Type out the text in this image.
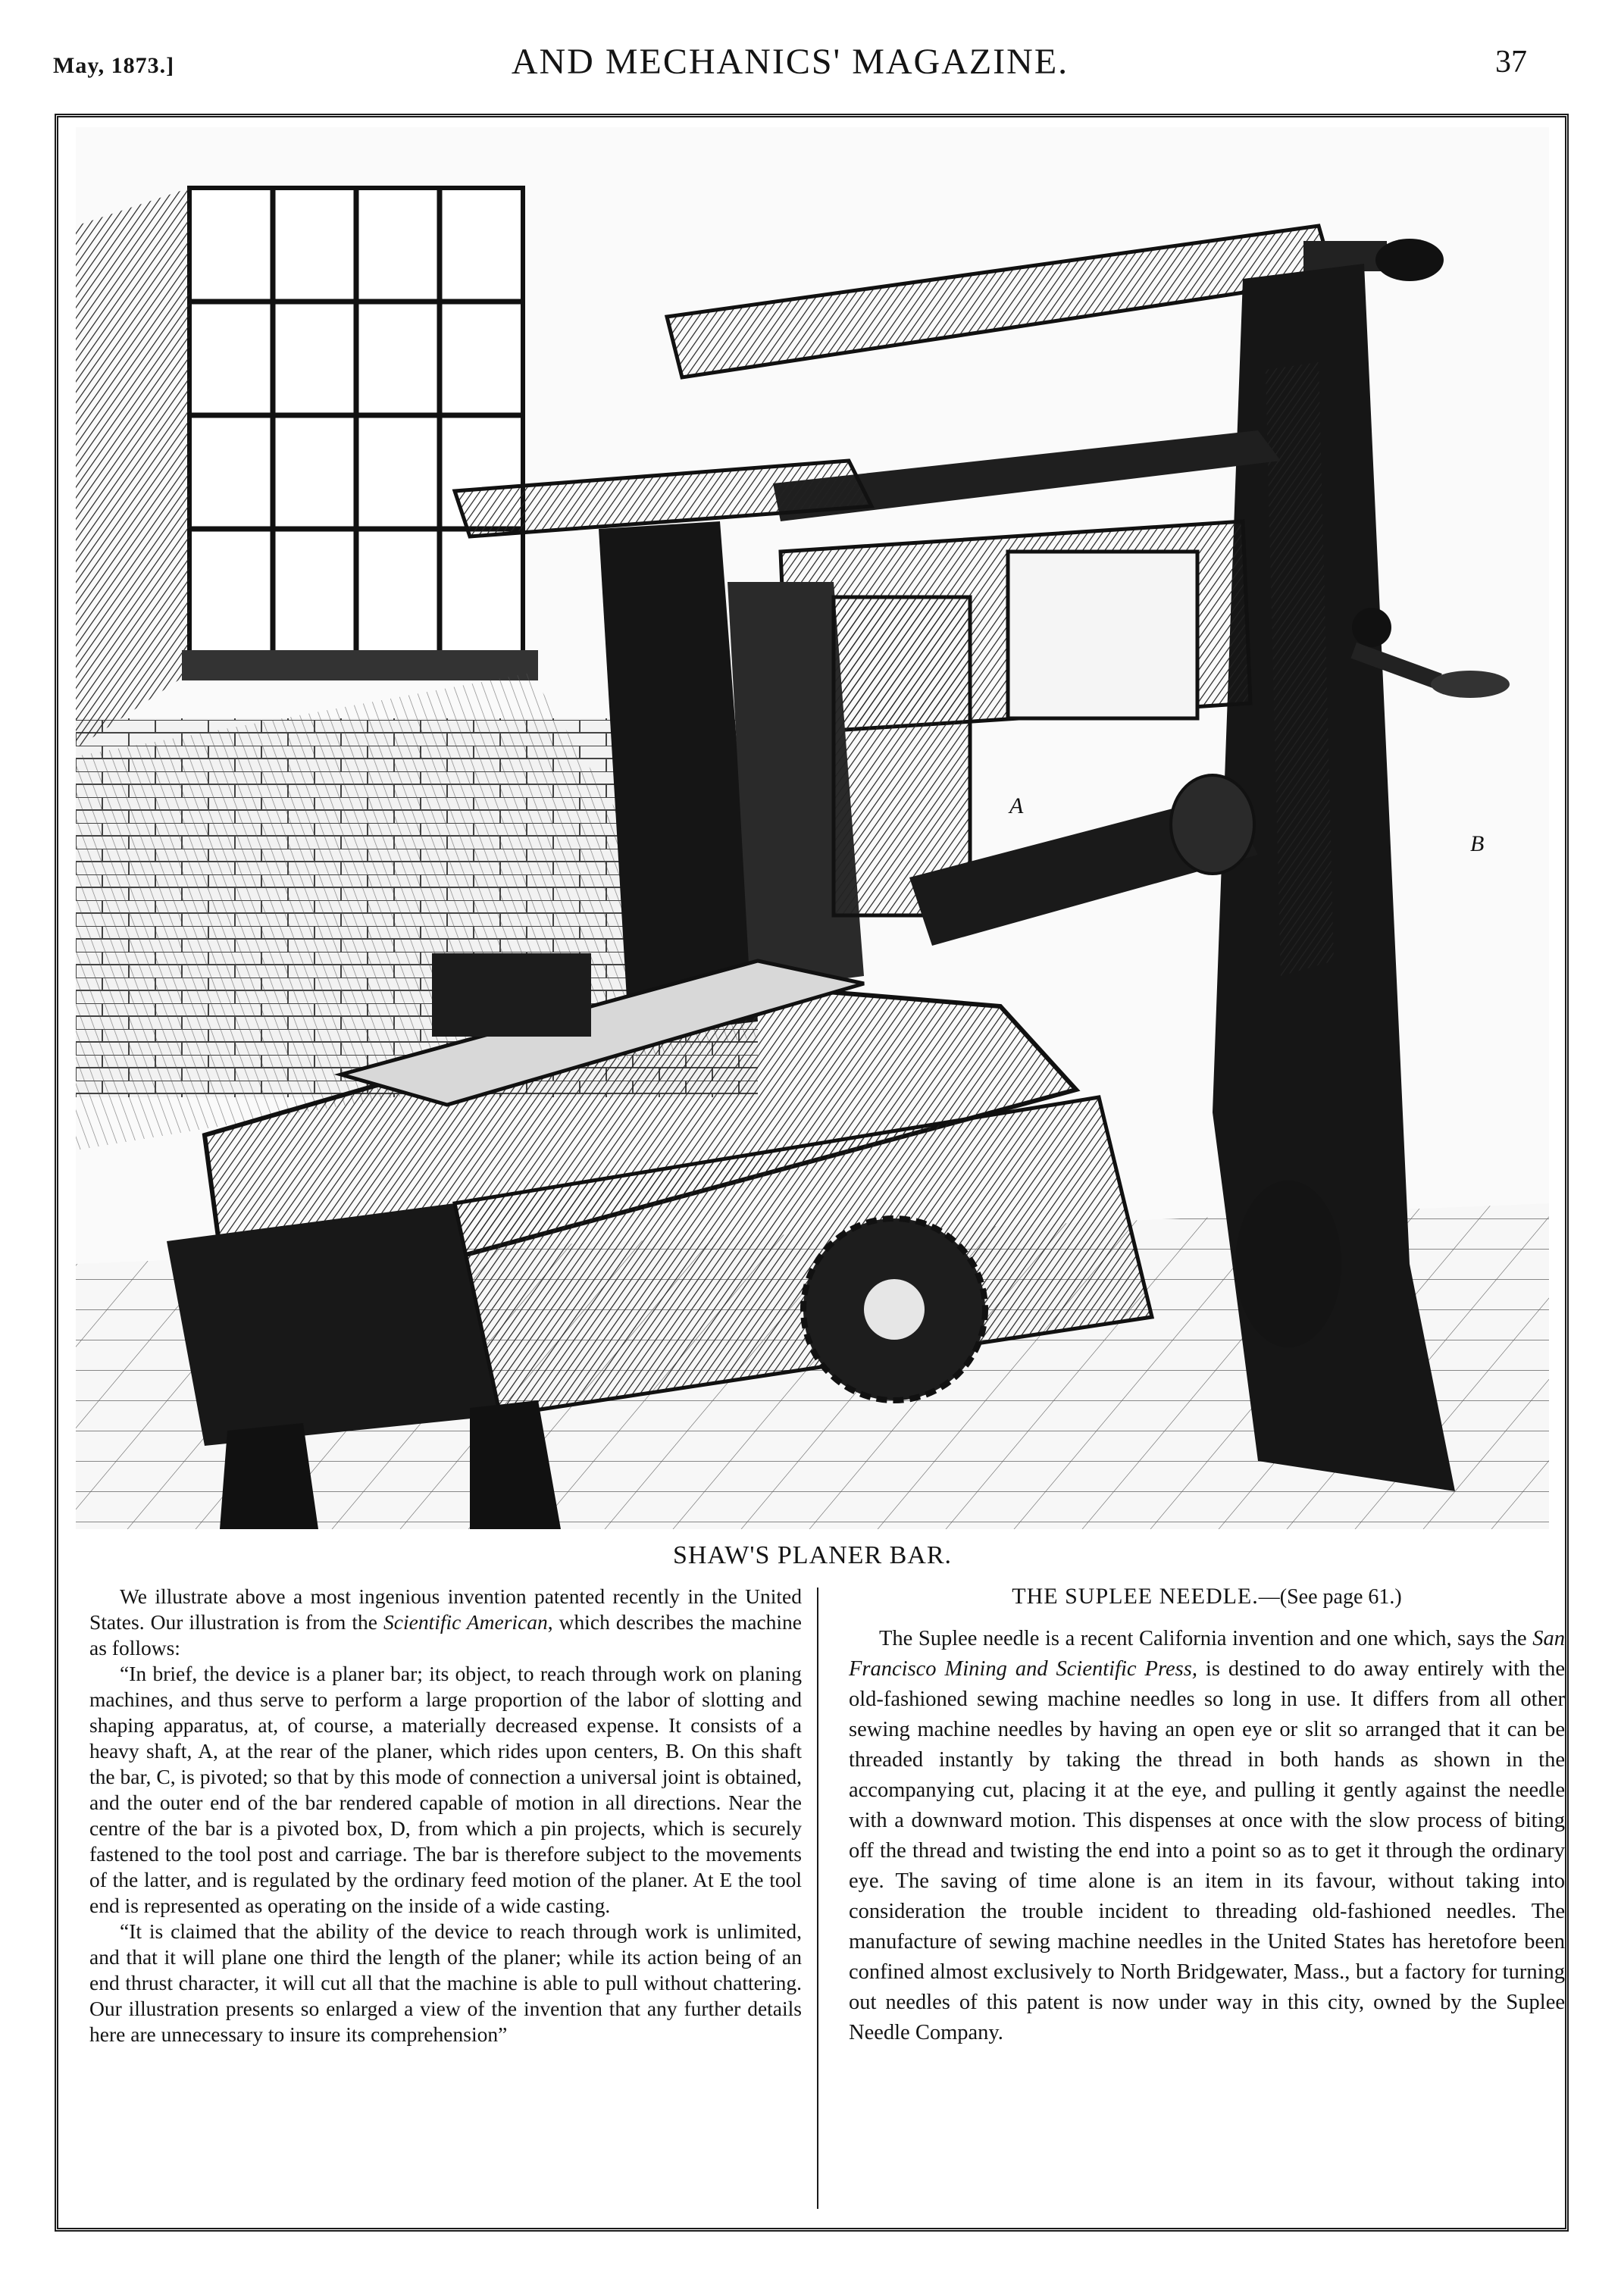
May, 1873.]	AND MECHANICS' MAGAZINE.	37
A
B
SHAW'S PLANER BAR.

We illustrate above a most ingenious invention patented recently in the United States. Our illustration is from the Scientific American, which describes the machine as follows:

“In brief, the device is a planer bar; its object, to reach through work on planing machines, and thus serve to perform a large proportion of the labor of slotting and shaping apparatus, at, of course, a materially decreased expense. It consists of a heavy shaft, A, at the rear of the planer, which rides upon centers, B. On this shaft the bar, C, is pivoted; so that by this mode of connection a universal joint is obtained, and the outer end of the bar rendered capable of motion in all directions. Near the centre of the bar is a pivoted box, D, from which a pin projects, which is securely fastened to the tool post and carriage. The bar is therefore subject to the movements of the latter, and is regulated by the ordinary feed motion of the planer. At E the tool end is represented as operating on the inside of a wide casting.

“It is claimed that the ability of the device to reach through work is unlimited, and that it will plane one third the length of the planer; while its action being of an end thrust character, it will cut all that the machine is able to pull without chattering. Our illustration presents so enlarged a view of the invention that any further details here are unnecessary to insure its comprehension”

THE SUPLEE NEEDLE.—(See page 61.)

The Suplee needle is a recent California invention and one which, says the San Francisco Mining and Scientific Press, is destined to do away entirely with the old-fashioned sewing machine needles so long in use. It differs from all other sewing machine needles by having an open eye or slit so arranged that it can be threaded instantly by taking the thread in both hands as shown in the accompanying cut, placing it at the eye, and pulling it gently against the needle with a downward motion. This dispenses at once with the slow process of biting off the thread and twisting the end into a point so as to get it through the ordinary eye. The saving of time alone is an item in its favour, without taking into consideration the trouble incident to threading old-fashioned needles. The manufacture of sewing machine needles in the United States has heretofore been confined almost exclusively to North Bridgewater, Mass., but a factory for turning out needles of this patent is now under way in this city, owned by the Suplee Needle Company.
